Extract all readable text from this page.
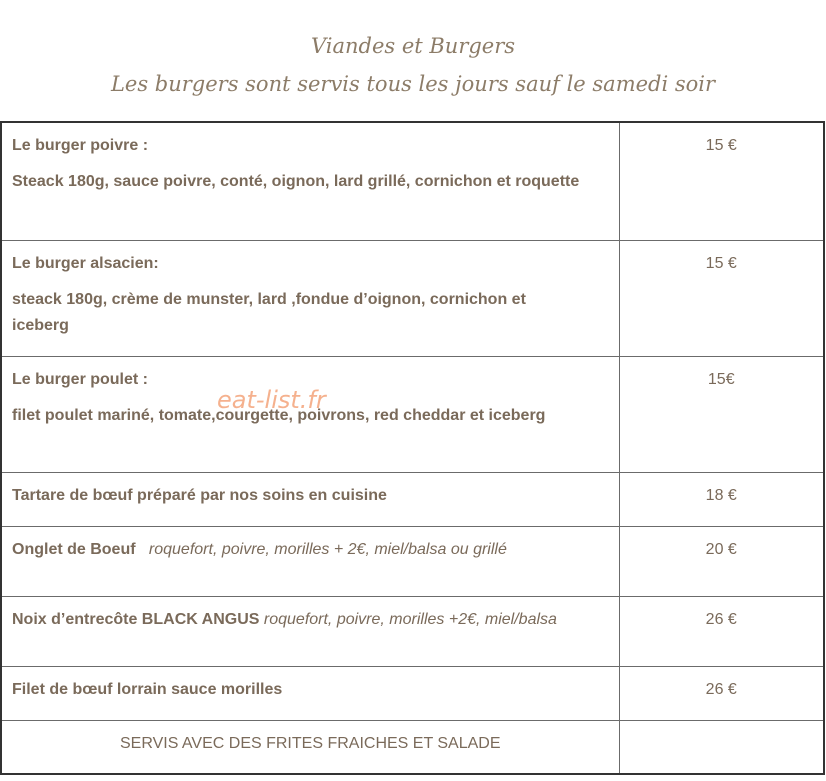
Viandes et Burgers
Les burgers sont servis tous les jours sauf le samedi soir
Le burger poivre :
Steack 180g, sauce poivre, conté, oignon, lard grillé, cornichon et roquette	15 €

Le burger alsacien:
steack 180g, crème de munster, lard ,fondue d’oignon, cornichon et iceberg	15 €

Le burger poulet :
filet poulet mariné, tomate,courgette, poivrons, red cheddar et iceberg	15€

Tartare de bœuf préparé par nos soins en cuisine	18 €
Onglet de Boeuf roquefort, poivre, morilles + 2€, miel/balsa ou grillé	20 €
Noix d’entrecôte BLACK ANGUS roquefort, poivre, morilles +2€, miel/balsa	26 €

Filet de bœuf lorrain sauce morilles	26 €
SERVIS AVEC DES FRITES FRAICHES ET SALADE	
eat-list.fr
